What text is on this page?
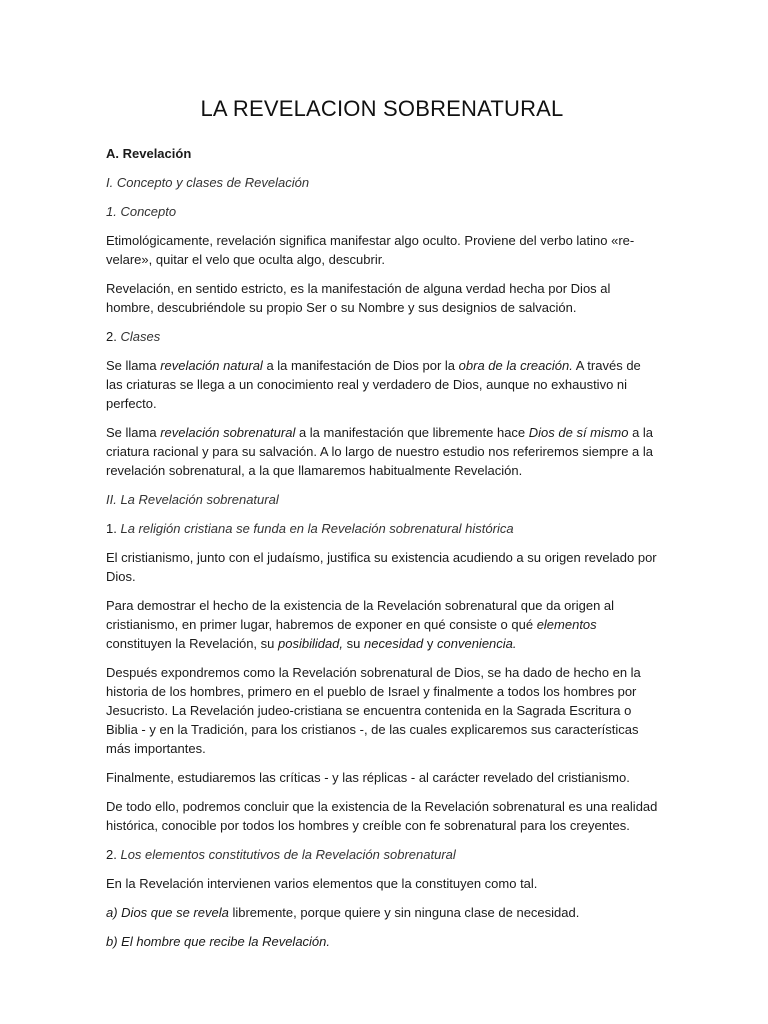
LA REVELACION SOBRENATURAL

A. Revelación

I. Concepto y clases de Revelación

1. Concepto

Etimológicamente, revelación significa manifestar algo oculto. Proviene del verbo latino «re-velare», quitar el velo que oculta algo, descubrir.

Revelación, en sentido estricto, es la manifestación de alguna verdad hecha por Dios al hombre, descubriéndole su propio Ser o su Nombre y sus designios de salvación.

2. Clases

Se llama revelación natural a la manifestación de Dios por la obra de la creación. A través de las criaturas se llega a un conocimiento real y verdadero de Dios, aunque no exhaustivo ni perfecto.

Se llama revelación sobrenatural a la manifestación que libremente hace Dios de sí mismo a la criatura racional y para su salvación. A lo largo de nuestro estudio nos referiremos siempre a la revelación sobrenatural, a la que llamaremos habitualmente Revelación.

II. La Revelación sobrenatural

1. La religión cristiana se funda en la Revelación sobrenatural histórica

El cristianismo, junto con el judaísmo, justifica su existencia acudiendo a su origen revelado por Dios.

Para demostrar el hecho de la existencia de la Revelación sobrenatural que da origen al cristianismo, en primer lugar, habremos de exponer en qué consiste o qué elementos constituyen la Revelación, su posibilidad, su necesidad y conveniencia.

Después expondremos como la Revelación sobrenatural de Dios, se ha dado de hecho en la historia de los hombres, primero en el pueblo de Israel y finalmente a todos los hombres por Jesucristo. La Revelación judeo-cristiana se encuentra contenida en la Sagrada Escritura o Biblia - y en la Tradición, para los cristianos -, de las cuales explicaremos sus características más importantes.

Finalmente, estudiaremos las críticas - y las réplicas - al carácter revelado del cristianismo.

De todo ello, podremos concluir que la existencia de la Revelación sobrenatural es una realidad histórica, conocible por todos los hombres y creíble con fe sobrenatural para los creyentes.

2. Los elementos constitutivos de la Revelación sobrenatural

En la Revelación intervienen varios elementos que la constituyen como tal.

a) Dios que se revela libremente, porque quiere y sin ninguna clase de necesidad.

b) El hombre que recibe la Revelación.
